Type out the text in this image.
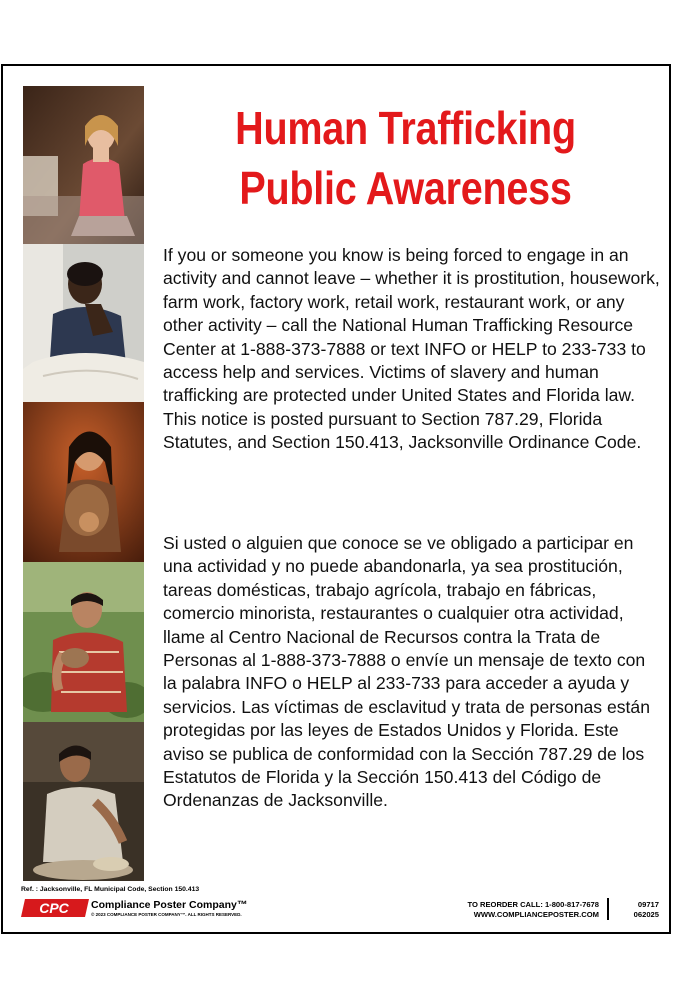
Human Trafficking
Public Awareness

If you or someone you know is being forced to engage in an activity and cannot leave – whether it is prostitution, housework, farm work, factory work, retail work, restaurant work, or any other activity – call the National Human Trafficking Resource Center at 1-888-373-7888 or text INFO or HELP to 233-733 to access help and services. Victims of slavery and human trafficking are protected under United States and Florida law. This notice is posted pursuant to Section 787.29, Florida Statutes, and Section 150.413, Jacksonville Ordinance Code.

Si usted o alguien que conoce se ve obligado a participar en una actividad y no puede abandonarla, ya sea prostitución, tareas domésticas, trabajo agrícola, trabajo en fábricas, comercio minorista, restaurantes o cualquier otra actividad, llame al Centro Nacional de Recursos contra la Trata de Personas al 1-888-373-7888 o envíe un mensaje de texto con la palabra INFO o HELP al 233-733 para acceder a ayuda y servicios. Las víctimas de esclavitud y trata de personas están protegidas por las leyes de Estados Unidos y Florida. Este aviso se publica de conformidad con la Sección 787.29 de los Estatutos de Florida y la Sección 150.413 del Código de Ordenanzas de Jacksonville.

Ref. : Jacksonville, FL Municipal Code, Section 150.413
CPC Compliance Poster Company™
© 2023 COMPLIANCE POSTER COMPANY™. ALL RIGHTS RESERVED.
TO REORDER CALL: 1-800-817-7678
WWW.COMPLIANCEPOSTER.COM
09717
062025
